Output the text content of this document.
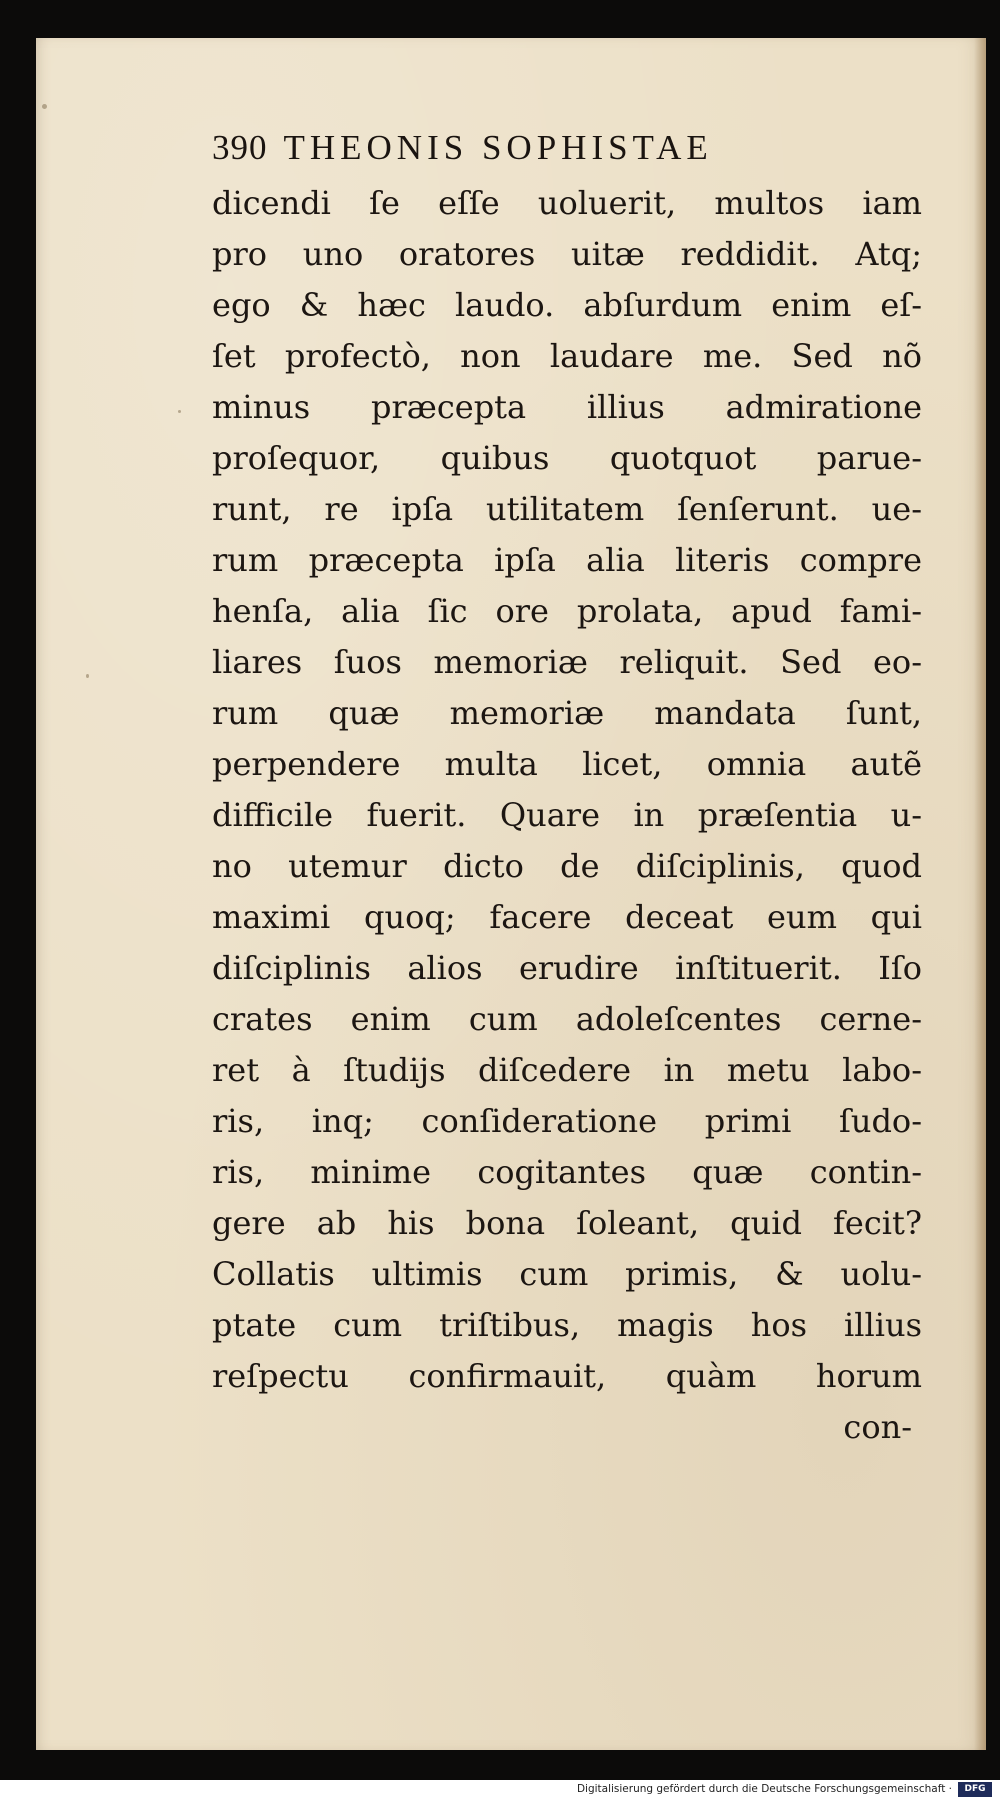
390 THEONIS SOPHISTAE
dicendi ſe eſſe uoluerit, multos iam
pro uno oratores uitæ reddidit. Atq;
ego & hæc laudo. abſurdum enim eſ-
ſet profectò, non laudare me. Sed nõ
minus præcepta illius admiratione
proſequor, quibus quotquot parue-
runt, re ipſa utilitatem ſenſerunt. ue-
rum præcepta ipſa alia literis compre
henſa, alia ſic ore prolata, apud fami-
liares ſuos memoriæ reliquit. Sed eo-
rum quæ memoriæ mandata ſunt,
perpendere multa licet, omnia autẽ
difficile fuerit. Quare in præſentia u-
no utemur dicto de diſciplinis, quod
maximi quoq; facere deceat eum qui
diſciplinis alios erudire inſtituerit. Iſo
crates enim cum adoleſcentes cerne-
ret à ſtudijs diſcedere in metu labo-
ris, inq; conſideratione primi ſudo-
ris, minime cogitantes quæ contin-
gere ab his bona ſoleant, quid fecit?
Collatis ultimis cum primis, & uolu-
ptate cum triſtibus, magis hos illius
reſpectu confirmauit, quàm horum
con-
Digitalisierung gefördert durch die Deutsche Forschungsgemeinschaft ·	DFG
